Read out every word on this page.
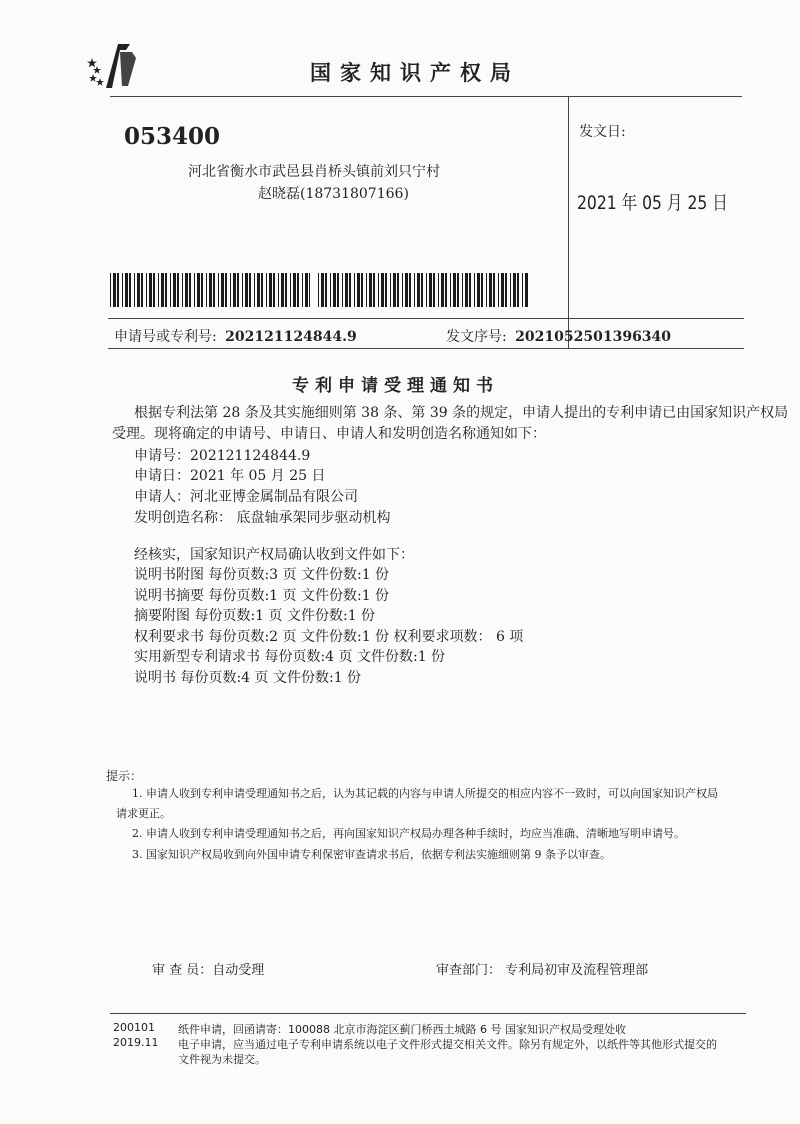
国家知识产权局
053400
河北省衡水市武邑县肖桥头镇前刘只宁村
赵晓磊(18731807166)
发文日:
2021 年 05 月 25 日
申请号或专利号: 202121124844.9	发文序号: 2021052501396340
专利申请受理通知书
根据专利法第 28 条及其实施细则第 38 条、第 39 条的规定，申请人提出的专利申请已由国家知识产权局
受理。现将确定的申请号、申请日、申请人和发明创造名称通知如下：
申请号：202121124844.9
申请日：2021 年 05 月 25 日
申请人：河北亚博金属制品有限公司
发明创造名称： 底盘轴承架同步驱动机构
经核实，国家知识产权局确认收到文件如下：
说明书附图 每份页数:3 页 文件份数:1 份
说明书摘要 每份页数:1 页 文件份数:1 份
摘要附图 每份页数:1 页 文件份数:1 份
权利要求书 每份页数:2 页 文件份数:1 份 权利要求项数： 6 项
实用新型专利请求书 每份页数:4 页 文件份数:1 份
说明书 每份页数:4 页 文件份数:1 份
提示：
1. 申请人收到专利申请受理通知书之后，认为其记载的内容与申请人所提交的相应内容不一致时，可以向国家知识产权局
请求更正。
2. 申请人收到专利申请受理通知书之后，再向国家知识产权局办理各种手续时，均应当准确、清晰地写明申请号。
3. 国家知识产权局收到向外国申请专利保密审查请求书后，依据专利法实施细则第 9 条予以审查。
审 查 员：自动受理	审查部门： 专利局初审及流程管理部
200101
2019.11
纸件申请，回函请寄：100088 北京市海淀区蓟门桥西土城路 6 号 国家知识产权局受理处收
电子申请，应当通过电子专利申请系统以电子文件形式提交相关文件。除另有规定外，以纸件等其他形式提交的
文件视为未提交。
